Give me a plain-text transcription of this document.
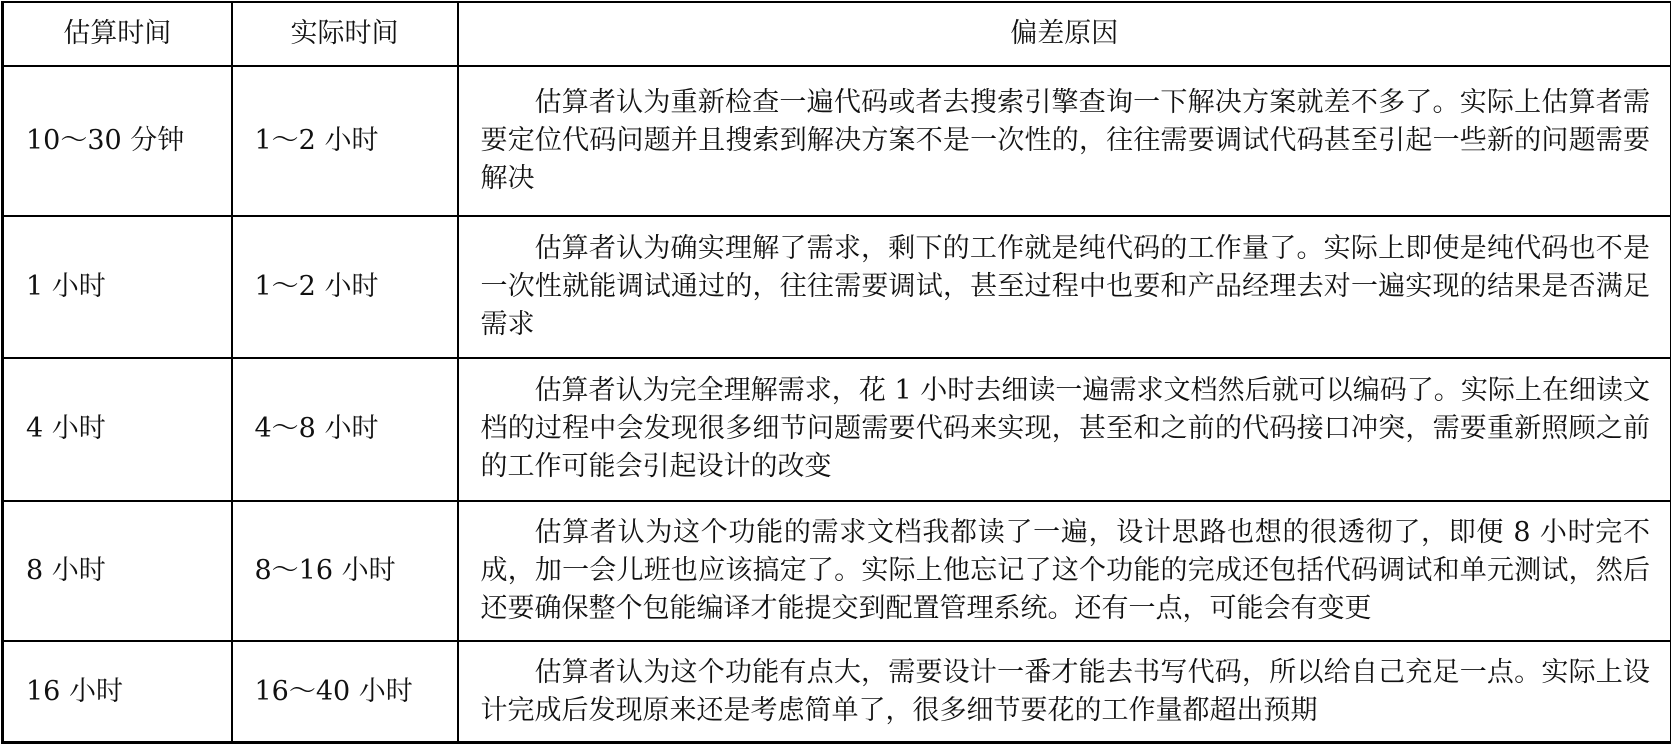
估算时间	实际时间	偏差原因
10～30 分钟	1～2 小时	估算者认为重新检查一遍代码或者去搜索引擎查询一下解决方案就差不多了。实际上估算者需要定位代码问题并且搜索到解决方案不是一次性的，往往需要调试代码甚至引起一些新的问题需要解决
1 小时	1～2 小时	估算者认为确实理解了需求，剩下的工作就是纯代码的工作量了。实际上即使是纯代码也不是一次性就能调试通过的，往往需要调试，甚至过程中也要和产品经理去对一遍实现的结果是否满足需求
4 小时	4～8 小时	估算者认为完全理解需求，花 1 小时去细读一遍需求文档然后就可以编码了。实际上在细读文档的过程中会发现很多细节问题需要代码来实现，甚至和之前的代码接口冲突，需要重新照顾之前的工作可能会引起设计的改变
8 小时	8～16 小时	估算者认为这个功能的需求文档我都读了一遍，设计思路也想的很透彻了，即便 8 小时完不成，加一会儿班也应该搞定了。实际上他忘记了这个功能的完成还包括代码调试和单元测试，然后还要确保整个包能编译才能提交到配置管理系统。还有一点，可能会有变更
16 小时	16～40 小时	估算者认为这个功能有点大，需要设计一番才能去书写代码，所以给自己充足一点。实际上设计完成后发现原来还是考虑简单了，很多细节要花的工作量都超出预期
